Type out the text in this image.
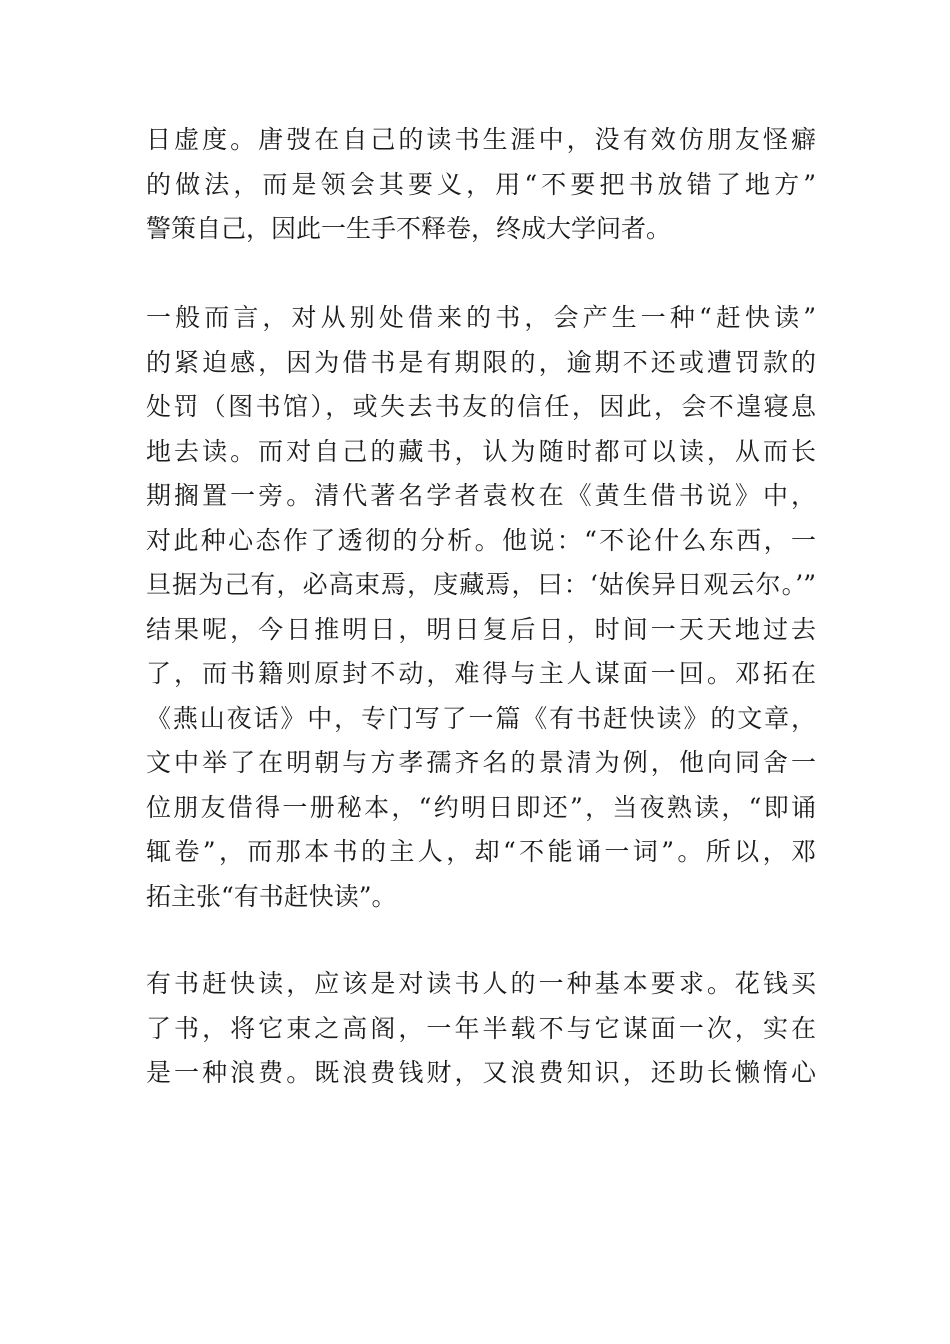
日虚度。唐弢在自己的读书生涯中，没有效仿朋友怪癖
的做法，而是领会其要义，用“不要把书放错了地方”
警策自己，因此一生手不释卷，终成大学问者。
一般而言，对从别处借来的书，会产生一种“赶快读”
的紧迫感，因为借书是有期限的，逾期不还或遭罚款的
处罚（图书馆），或失去书友的信任，因此，会不遑寝息
地去读。而对自己的藏书，认为随时都可以读，从而长
期搁置一旁。清代著名学者袁枚在《黄生借书说》中，
对此种心态作了透彻的分析。他说：“不论什么东西，一
旦据为己有，必高束焉，庋藏焉，曰：‘姑俟异日观云尔。’”
结果呢，今日推明日，明日复后日，时间一天天地过去
了，而书籍则原封不动，难得与主人谋面一回。邓拓在
《燕山夜话》中，专门写了一篇《有书赶快读》的文章，
文中举了在明朝与方孝孺齐名的景清为例，他向同舍一
位朋友借得一册秘本，“约明日即还”，当夜熟读，“即诵
辄卷”，而那本书的主人，却“不能诵一词”。所以，邓
拓主张“有书赶快读”。
有书赶快读，应该是对读书人的一种基本要求。花钱买
了书，将它束之高阁，一年半载不与它谋面一次，实在
是一种浪费。既浪费钱财，又浪费知识，还助长懒惰心
